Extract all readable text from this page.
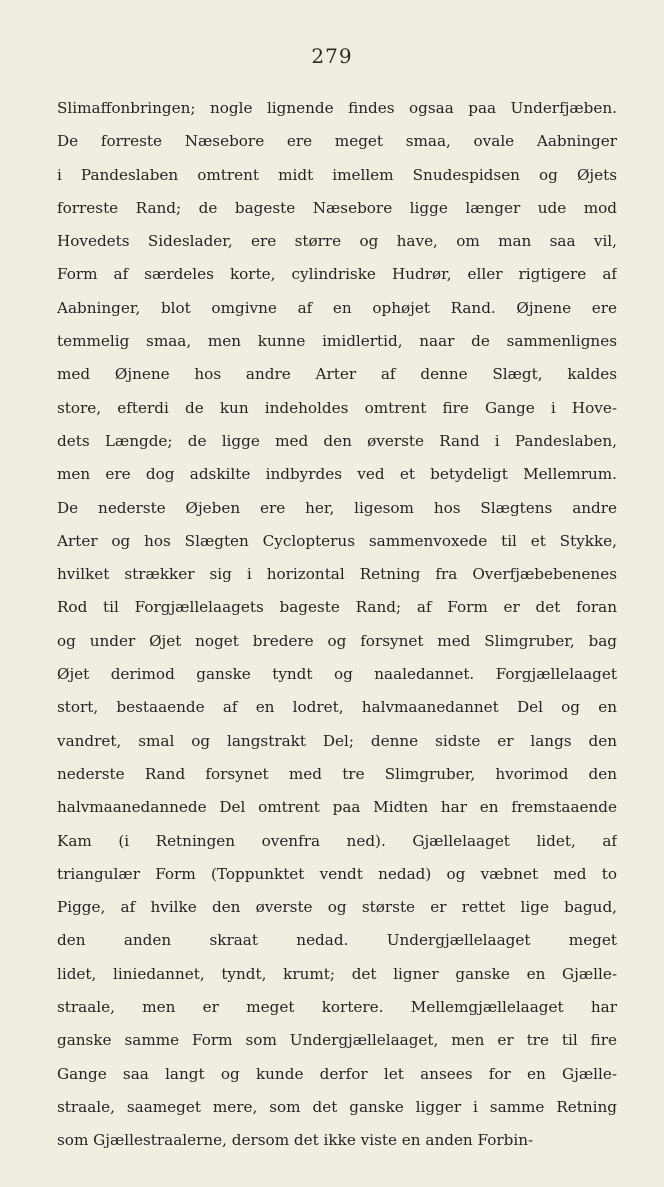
279
Slimaffonbringen; nogle lignende findes ogsaa paa Underfjæben.
De forreste Næsebore ere meget smaa, ovale Aabninger
i Pandeslaben omtrent midt imellem Snudespidsen og Øjets
forreste Rand; de bageste Næsebore ligge længer ude mod
Hovedets Sideslader, ere større og have, om man saa vil,
Form af særdeles korte, cylindriske Hudrør, eller rigtigere af
Aabninger, blot omgivne af en ophøjet Rand. Øjnene ere
temmelig smaa, men kunne imidlertid, naar de sammenlignes
med Øjnene hos andre Arter af denne Slægt, kaldes
store, efterdi de kun indeholdes omtrent fire Gange i Hove-
dets Længde; de ligge med den øverste Rand i Pandeslaben,
men ere dog adskilte indbyrdes ved et betydeligt Mellemrum.
De nederste Øjeben ere her, ligesom hos Slægtens andre
Arter og hos Slægten Cyclopterus sammenvoxede til et Stykke,
hvilket strækker sig i horizontal Retning fra Overfjæbebenenes
Rod til Forgjællelaagets bageste Rand; af Form er det foran
og under Øjet noget bredere og forsynet med Slimgruber, bag
Øjet derimod ganske tyndt og naaledannet. Forgjællelaaget
stort, bestaaende af en lodret, halvmaanedannet Del og en
vandret, smal og langstrakt Del; denne sidste er langs den
nederste Rand forsynet med tre Slimgruber, hvorimod den
halvmaanedannede Del omtrent paa Midten har en fremstaaende
Kam (i Retningen ovenfra ned). Gjællelaaget lidet, af
triangulær Form (Toppunktet vendt nedad) og væbnet med to
Pigge, af hvilke den øverste og største er rettet lige bagud,
den anden skraat nedad. Undergjællelaaget meget
lidet, liniedannet, tyndt, krumt; det ligner ganske en Gjælle-
straale, men er meget kortere. Mellemgjællelaaget har
ganske samme Form som Undergjællelaaget, men er tre til fire
Gange saa langt og kunde derfor let ansees for en Gjælle-
straale, saameget mere, som det ganske ligger i samme Retning
som Gjællestraalerne, dersom det ikke viste en anden Forbin-
